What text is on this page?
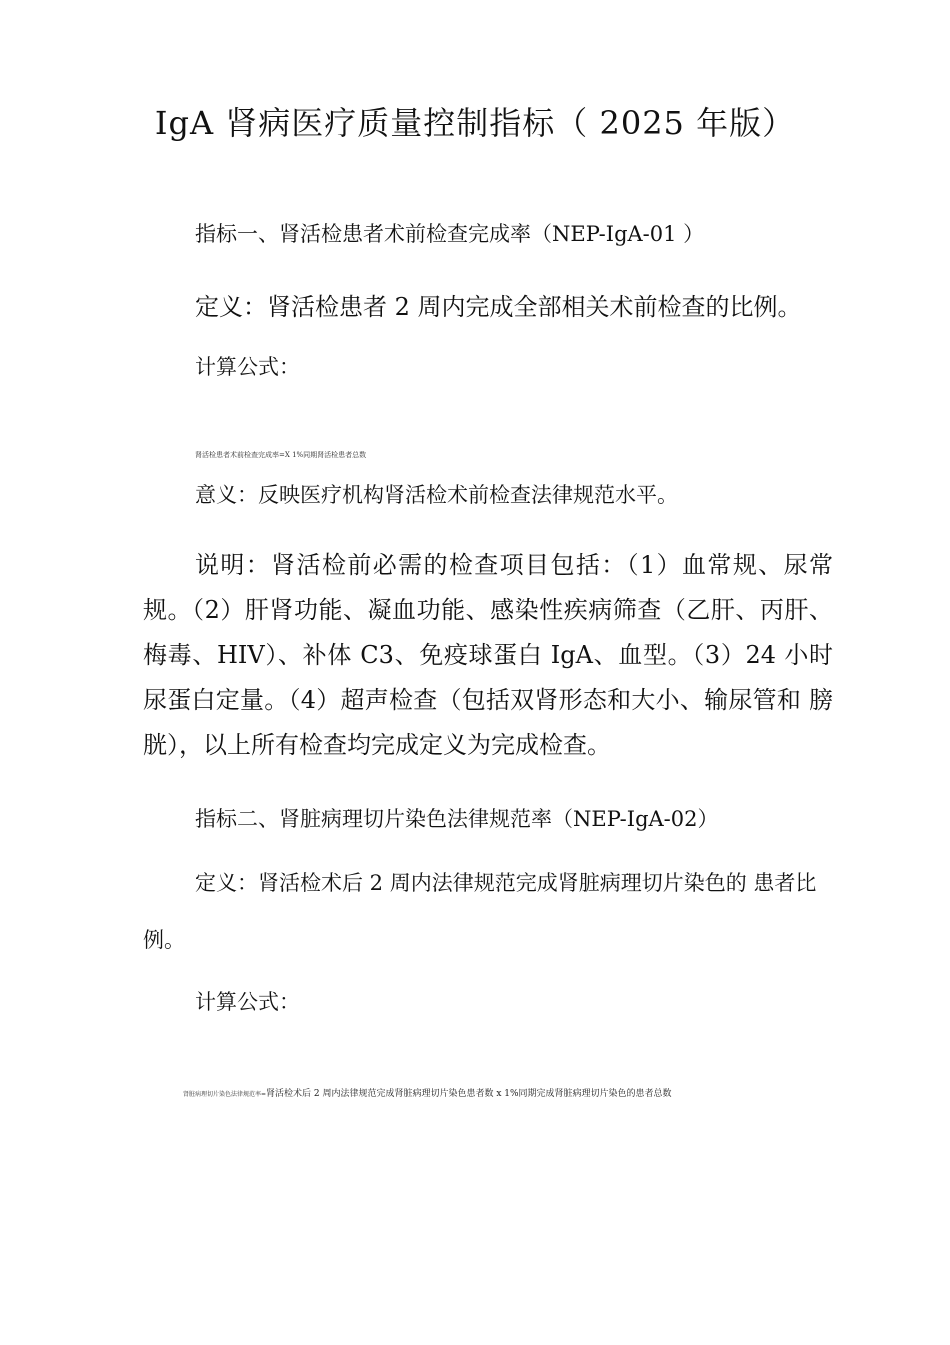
IgA 肾病医疗质量控制指标（ 2025 年版）
指标一、肾活检患者术前检查完成率（NEP-IgA-01 ）
定义：肾活检患者 2 周内完成全部相关术前检查的比例。
计算公式：
肾活检患者术前检查完成率=X 1%同期肾活检患者总数
意义：反映医疗机构肾活检术前检查法律规范水平。
说明：肾活检前必需的检查项目包括：（1）血常规、尿常规。（2）肝肾功能、凝血功能、感染性疾病筛查（乙肝、丙肝、 梅毒、HIV）、补体 C3、免疫球蛋白 IgA、血型。（3）24 小时 尿蛋白定量。（4）超声检查（包括双肾形态和大小、输尿管和 膀胱），以上所有检查均完成定义为完成检查。
指标二、肾脏病理切片染色法律规范率（NEP-IgA-02）
定义：肾活检术后 2 周内法律规范完成肾脏病理切片染色的 患者比例。
计算公式：
肾脏病理切片染色法律规范率=肾活检术后 2 周内法律规范完成肾脏病理切片染色患者数 x 1%同期完成肾脏病理切片染色的患者总数
